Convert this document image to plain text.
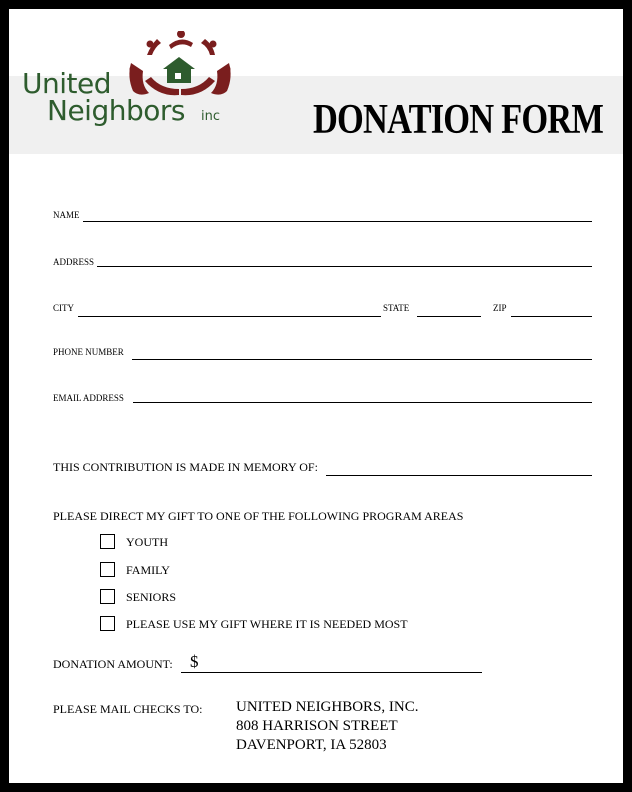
United
Neighbors inc DONATION FORM
NAME
ADDRESS
CITY	STATE	ZIP
PHONE NUMBER
EMAIL ADDRESS
THIS CONTRIBUTION IS MADE IN MEMORY OF:
PLEASE DIRECT MY GIFT TO ONE OF THE FOLLOWING PROGRAM AREAS
YOUTH
FAMILY
SENIORS
PLEASE USE MY GIFT WHERE IT IS NEEDED MOST
DONATION AMOUNT: $
PLEASE MAIL CHECKS TO: UNITED NEIGHBORS, INC.
808 HARRISON STREET
DAVENPORT, IA 52803
